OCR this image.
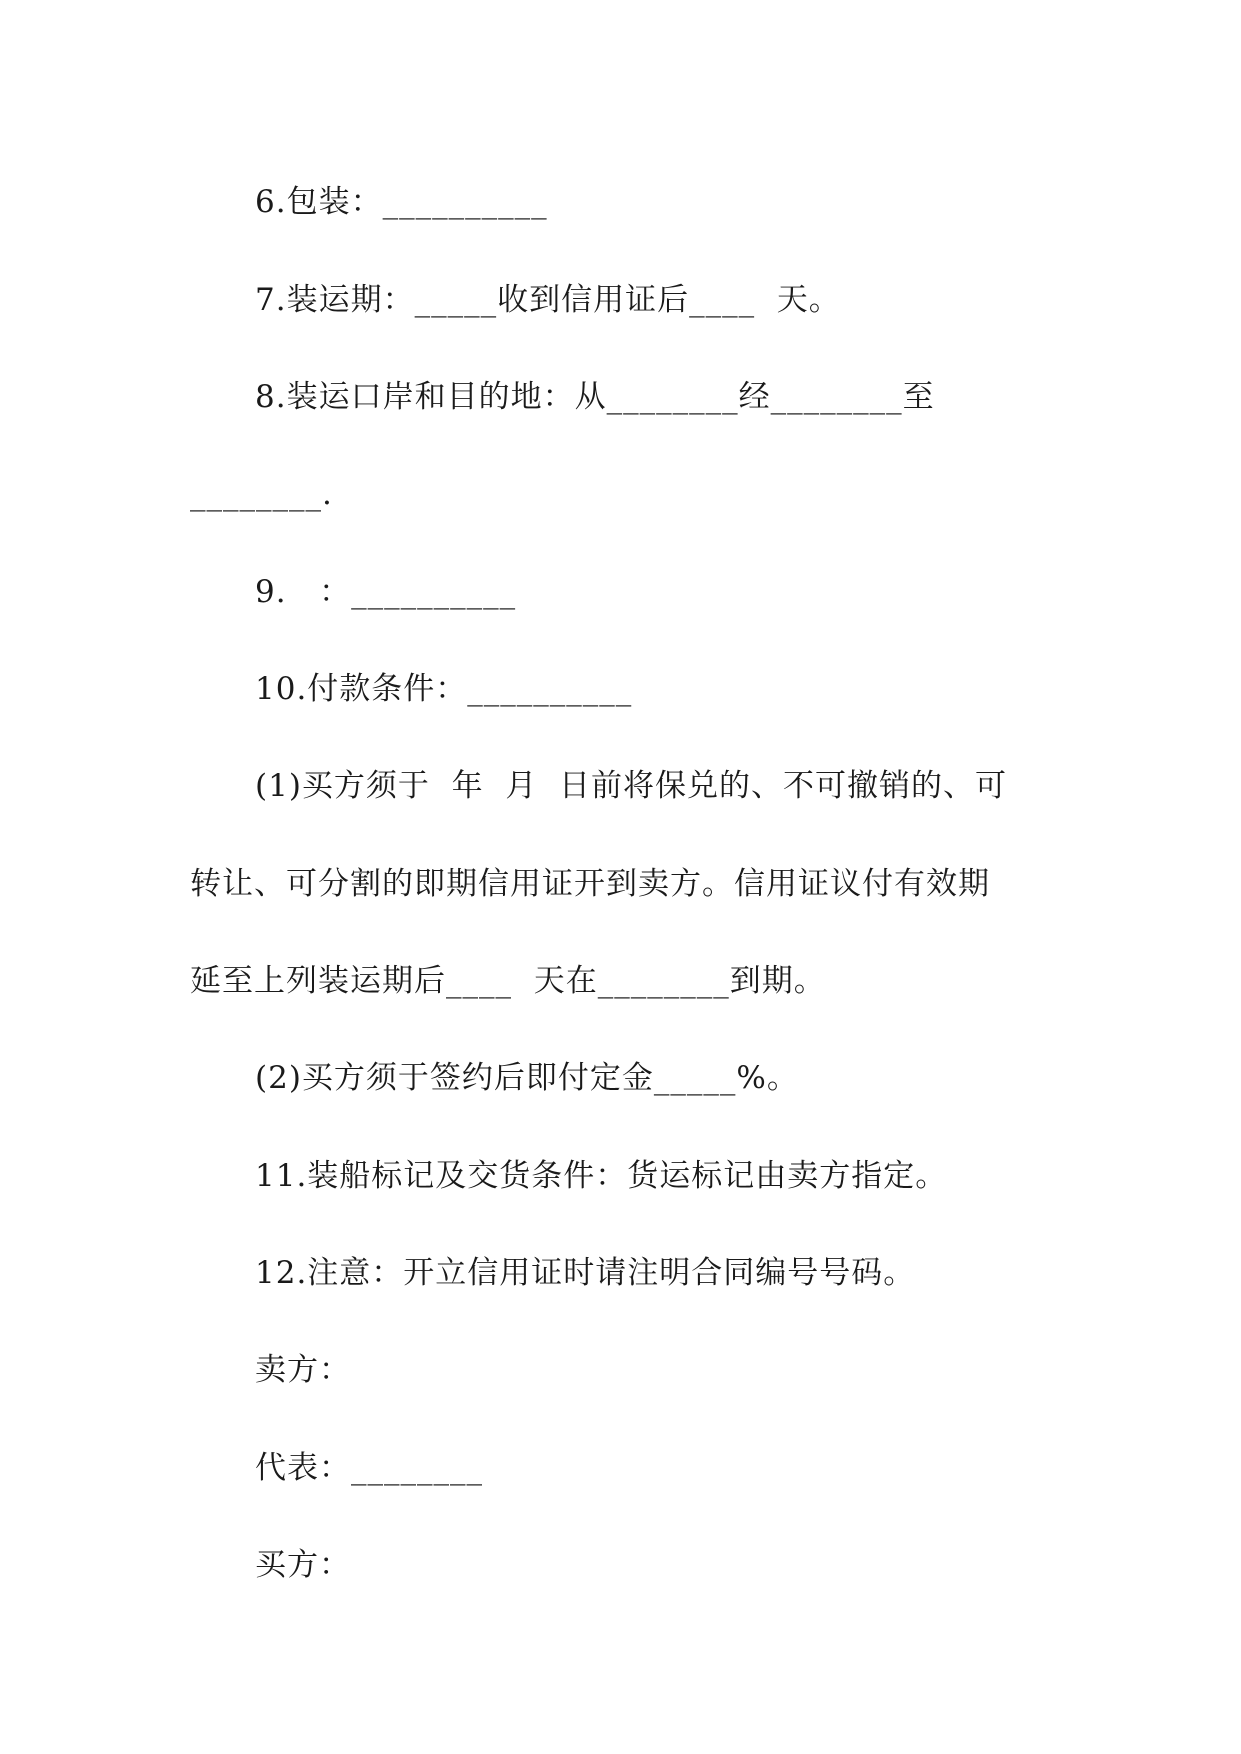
6.包装：__________
7.装运期：_____收到信用证后____  天。
8.装运口岸和目的地：从________经________至
________.
9.   ：__________
10.付款条件：__________
(1)买方须于  年  月  日前将保兑的、不可撤销的、可
转让、可分割的即期信用证开到卖方。信用证议付有效期
延至上列装运期后____  天在________到期。
(2)买方须于签约后即付定金_____%。
11.装船标记及交货条件：货运标记由卖方指定。
12.注意：开立信用证时请注明合同编号号码。
卖方：
代表：________
买方：
